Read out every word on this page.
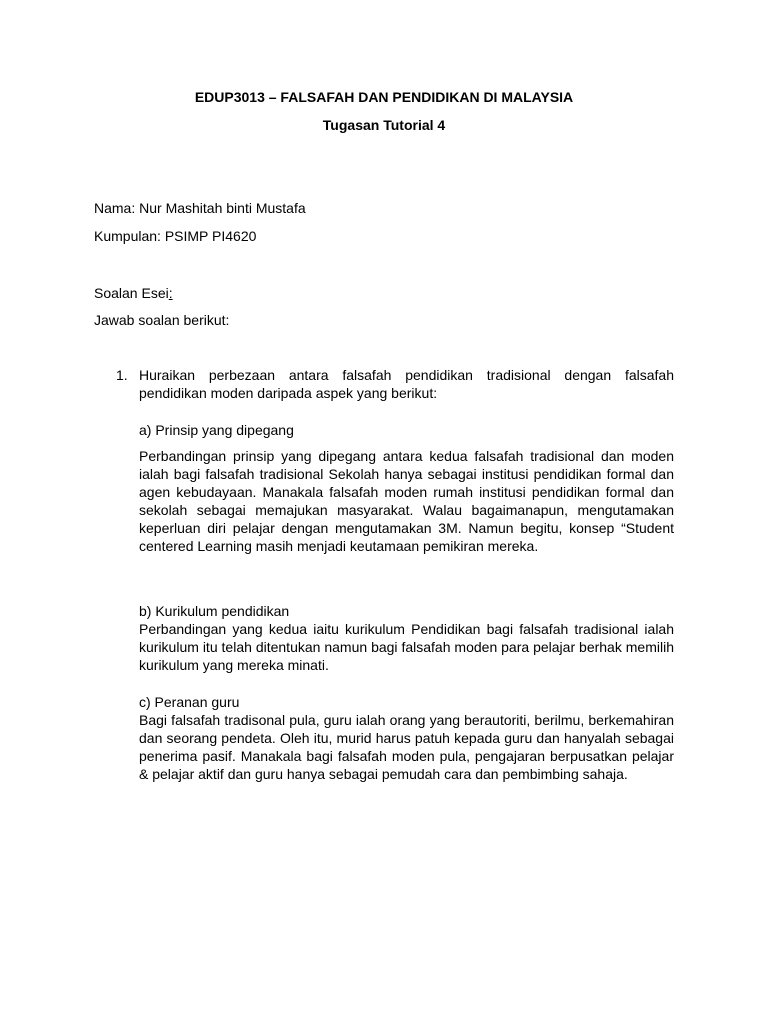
EDUP3013 – FALSAFAH DAN PENDIDIKAN DI MALAYSIA
Tugasan Tutorial 4
Nama: Nur Mashitah binti Mustafa
Kumpulan: PSIMP PI4620
Soalan Esei:
Jawab soalan berikut:
1. Huraikan perbezaan antara falsafah pendidikan tradisional dengan falsafah pendidikan moden daripada aspek yang berikut:
a) Prinsip yang dipegang

Perbandingan prinsip yang dipegang antara kedua falsafah tradisional dan moden ialah bagi falsafah tradisional Sekolah hanya sebagai institusi pendidikan formal dan agen kebudayaan. Manakala falsafah moden rumah institusi pendidikan formal dan sekolah sebagai memajukan masyarakat. Walau bagaimanapun, mengutamakan keperluan diri pelajar dengan mengutamakan 3M. Namun begitu, konsep “Student centered Learning masih menjadi keutamaan pemikiran mereka.

b) Kurikulum pendidikan

Perbandingan yang kedua iaitu kurikulum Pendidikan bagi falsafah tradisional ialah kurikulum itu telah ditentukan namun bagi falsafah moden para pelajar berhak memilih kurikulum yang mereka minati.

c) Peranan guru

Bagi falsafah tradisonal pula, guru ialah orang yang berautoriti, berilmu, berkemahiran dan seorang pendeta. Oleh itu, murid harus patuh kepada guru dan hanyalah sebagai penerima pasif. Manakala bagi falsafah moden pula, pengajaran berpusatkan pelajar & pelajar aktif dan guru hanya sebagai pemudah cara dan pembimbing sahaja.
